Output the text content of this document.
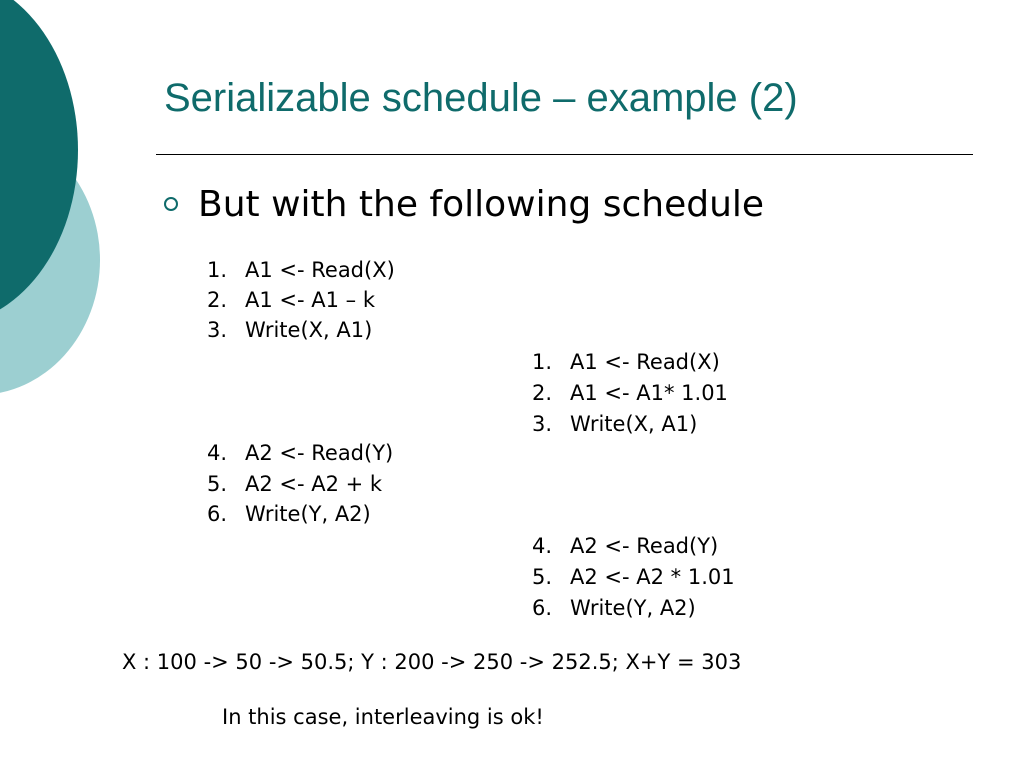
Serializable schedule – example (2)
But with the following schedule
1. A1 <- Read(X)
2. A1 <- A1 – k
3. Write(X, A1)
1. A1 <- Read(X)
2. A1 <- A1* 1.01
3. Write(X, A1)
4. A2 <- Read(Y)
5. A2 <- A2 + k
6. Write(Y, A2)
4. A2 <- Read(Y)
5. A2 <- A2 * 1.01
6. Write(Y, A2)
X : 100 -> 50 -> 50.5; Y : 200 -> 250 -> 252.5; X+Y = 303
In this case, interleaving is ok!
